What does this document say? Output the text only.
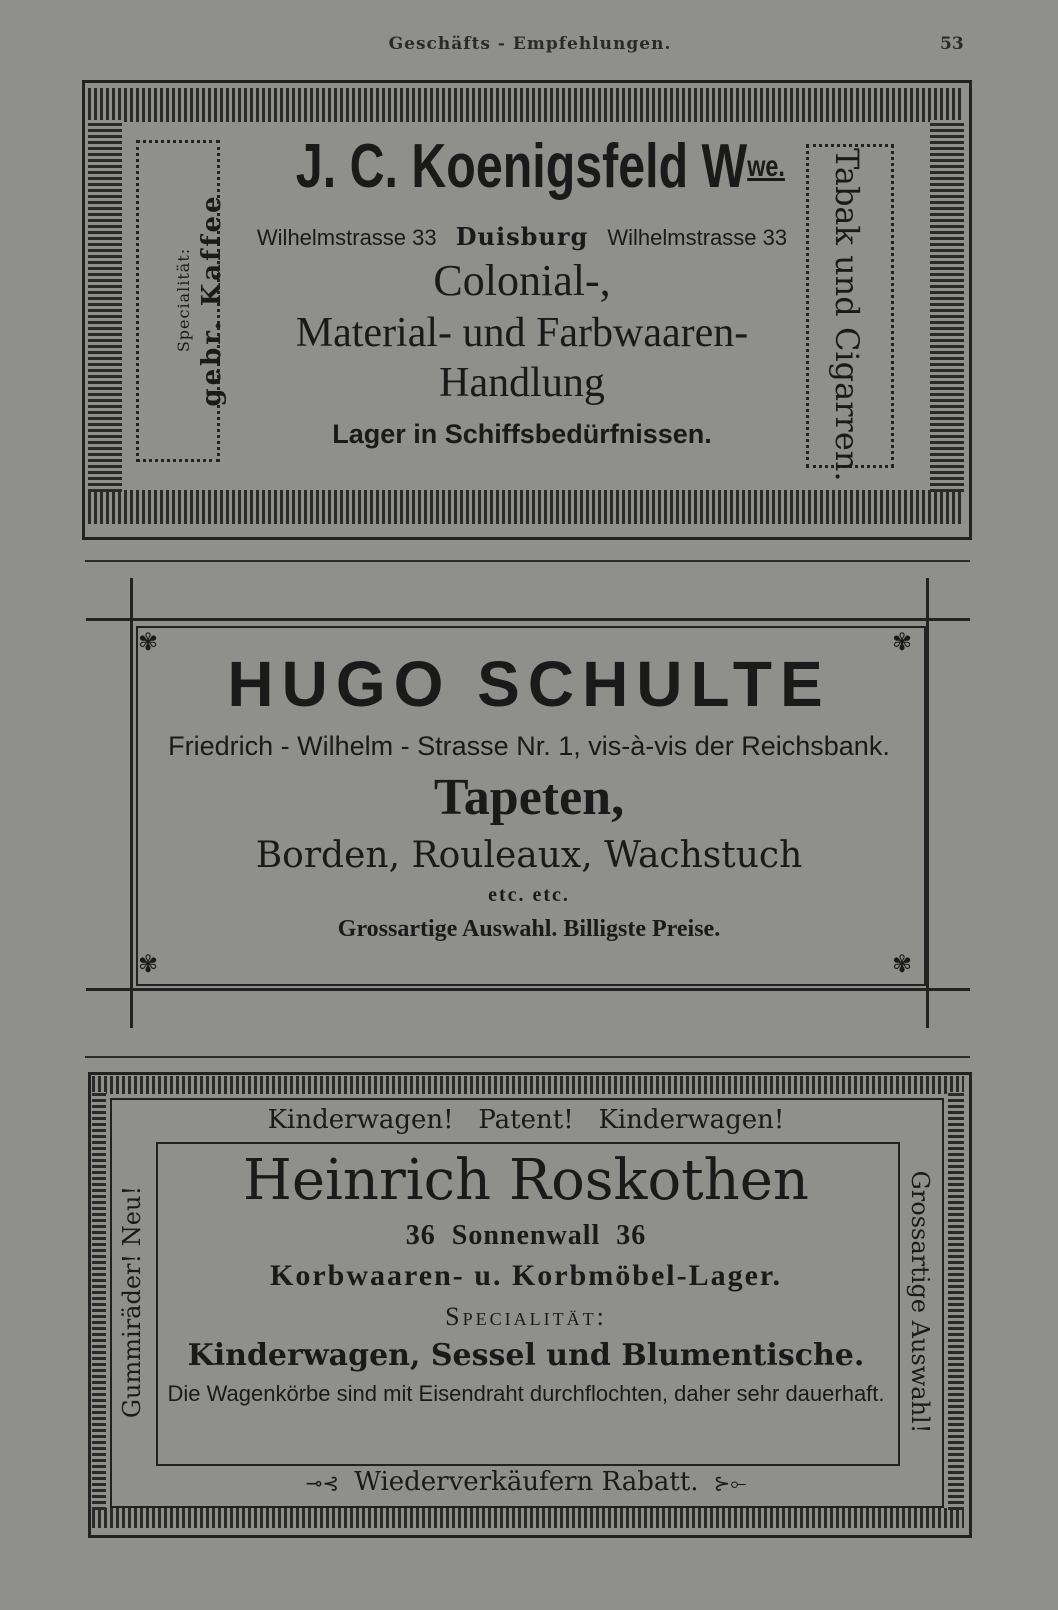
Geschäfts - Empfehlungen.	53
Specialität: gebr. Kaffee	Tabak und Cigarren.
J. C. Koenigsfeld $W^{we.}$
Wilhelmstrasse 33 Duisburg Wilhelmstrasse 33
Colonial-,
Material- und Farbwaaren-
Handlung
Lager in Schiffsbedürfnissen.
✾	✾
✾	✾
HUGO SCHULTE
Friedrich - Wilhelm - Strasse Nr. 1, vis-à-vis der Reichsbank.
Tapeten,
Borden, Rouleaux, Wachstuch
etc. etc.
Grossartige Auswahl. Billigste Preise.
Kinderwagen!   Patent!   Kinderwagen!
Gummiräder! Neu!	Grossartige Auswahl!
Heinrich Roskothen
36  Sonnenwall  36
Korbwaaren- u. Korbmöbel-Lager.
Specialität:
Kinderwagen, Sessel und Blumentische.
Die Wagenkörbe sind mit Eisendraht durchflochten, daher sehr dauerhaft.
⊸⊰ Wiederverkäufern Rabatt. ⊱⟜
